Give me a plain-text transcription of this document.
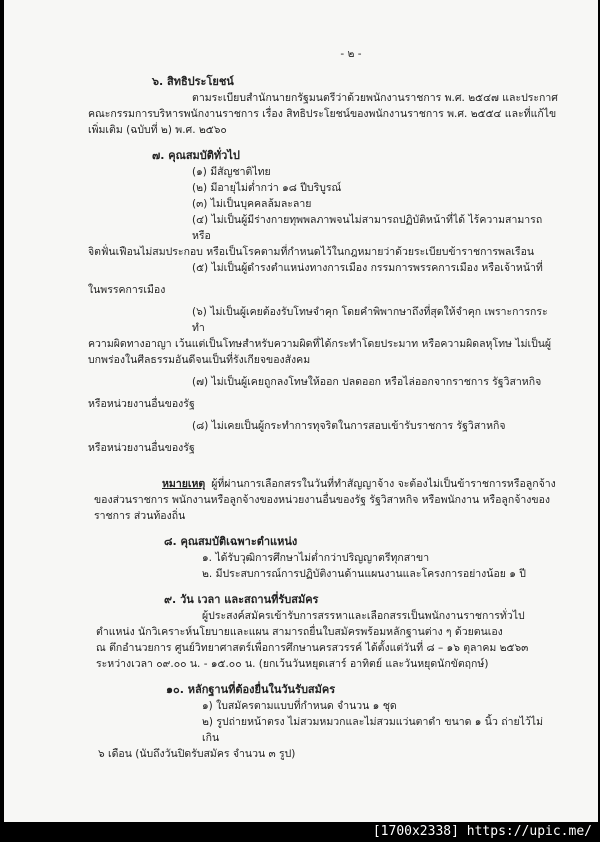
- ๒ -
๖. สิทธิประโยชน์
ตามระเบียบสำนักนายกรัฐมนตรีว่าด้วยพนักงานราชการ พ.ศ. ๒๕๔๗ และประกาศ
คณะกรรมการบริหารพนักงานราชการ เรื่อง สิทธิประโยชน์ของพนักงานราชการ พ.ศ. ๒๕๕๔ และที่แก้ไข
เพิ่มเติม (ฉบับที่ ๒) พ.ศ. ๒๕๖๐
๗. คุณสมบัติทั่วไป
(๑) มีสัญชาติไทย
(๒) มีอายุไม่ต่ำกว่า ๑๘ ปีบริบูรณ์
(๓) ไม่เป็นบุคคลล้มละลาย
(๔) ไม่เป็นผู้มีร่างกายทุพพลภาพจนไม่สามารถปฏิบัติหน้าที่ได้ ไร้ความสามารถหรือ
จิตฟั่นเฟือนไม่สมประกอบ หรือเป็นโรคตามที่กำหนดไว้ในกฎหมายว่าด้วยระเบียบข้าราชการพลเรือน
(๕) ไม่เป็นผู้ดำรงตำแหน่งทางการเมือง กรรมการพรรคการเมือง หรือเจ้าหน้าที่
ในพรรคการเมือง
(๖) ไม่เป็นผู้เคยต้องรับโทษจำคุก โดยคำพิพากษาถึงที่สุดให้จำคุก เพราะการกระทำ
ความผิดทางอาญา เว้นแต่เป็นโทษสำหรับความผิดที่ได้กระทำโดยประมาท หรือความผิดลหุโทษ ไม่เป็นผู้
บกพร่องในศีลธรรมอันดีจนเป็นที่รังเกียจของสังคม
(๗) ไม่เป็นผู้เคยถูกลงโทษให้ออก ปลดออก หรือไล่ออกจากราชการ รัฐวิสาหกิจ
หรือหน่วยงานอื่นของรัฐ
(๘) ไม่เคยเป็นผู้กระทำการทุจริตในการสอบเข้ารับราชการ รัฐวิสาหกิจ
หรือหน่วยงานอื่นของรัฐ
หมายเหตุ ผู้ที่ผ่านการเลือกสรรในวันที่ทำสัญญาจ้าง จะต้องไม่เป็นข้าราชการหรือลูกจ้าง
ของส่วนราชการ พนักงานหรือลูกจ้างของหน่วยงานอื่นของรัฐ รัฐวิสาหกิจ หรือพนักงาน หรือลูกจ้างของ
ราชการ ส่วนท้องถิ่น
๘. คุณสมบัติเฉพาะตำแหน่ง
๑. ได้รับวุฒิการศึกษาไม่ต่ำกว่าปริญญาตรีทุกสาขา
๒. มีประสบการณ์การปฏิบัติงานด้านแผนงานและโครงการอย่างน้อย ๑ ปี
๙. วัน เวลา และสถานที่รับสมัคร
ผู้ประสงค์สมัครเข้ารับการสรรหาและเลือกสรรเป็นพนักงานราชการทั่วไป
ตำแหน่ง นักวิเคราะห์นโยบายและแผน สามารถยื่นใบสมัครพร้อมหลักฐานต่าง ๆ ด้วยตนเอง
ณ ตึกอำนวยการ ศูนย์วิทยาศาสตร์เพื่อการศึกษานครสวรรค์ ได้ตั้งแต่วันที่ ๘ – ๑๖ ตุลาคม ๒๕๖๓
ระหว่างเวลา ๐๙.๐๐ น. - ๑๕.๐๐ น. (ยกเว้นวันหยุดเสาร์ อาทิตย์ และวันหยุดนักขัตฤกษ์)
๑๐. หลักฐานที่ต้องยื่นในวันรับสมัคร
๑) ใบสมัครตามแบบที่กำหนด จำนวน ๑ ชุด
๒) รูปถ่ายหน้าตรง ไม่สวมหมวกและไม่สวมแว่นตาดำ ขนาด ๑ นิ้ว ถ่ายไว้ไม่เกิน
๖ เดือน (นับถึงวันปิดรับสมัคร จำนวน ๓ รูป)
[1700x2338] https://upic.me/
